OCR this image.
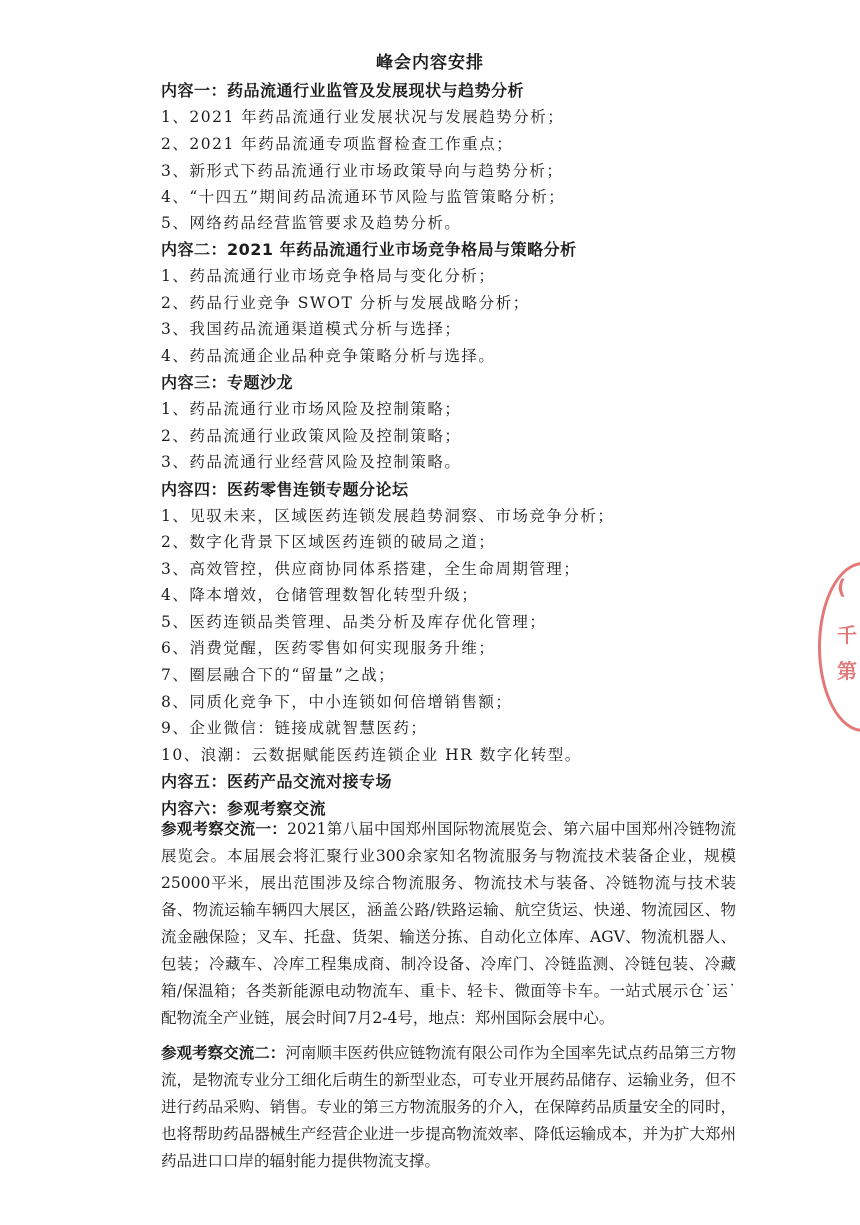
峰会内容安排
内容一：药品流通行业监管及发展现状与趋势分析
1、2021 年药品流通行业发展状况与发展趋势分析；
2、2021 年药品流通专项监督检查工作重点；
3、新形式下药品流通行业市场政策导向与趋势分析；
4、“十四五”期间药品流通环节风险与监管策略分析；
5、网络药品经营监管要求及趋势分析。
内容二：2021 年药品流通行业市场竞争格局与策略分析
1、药品流通行业市场竞争格局与变化分析；
2、药品行业竞争 SWOT 分析与发展战略分析；
3、我国药品流通渠道模式分析与选择；
4、药品流通企业品种竞争策略分析与选择。
内容三：专题沙龙
1、药品流通行业市场风险及控制策略；
2、药品流通行业政策风险及控制策略；
3、药品流通行业经营风险及控制策略。
内容四：医药零售连锁专题分论坛
1、见驭未来，区域医药连锁发展趋势洞察、市场竞争分析；
2、数字化背景下区域医药连锁的破局之道；
3、高效管控，供应商协同体系搭建，全生命周期管理；
4、降本增效，仓储管理数智化转型升级；
5、医药连锁品类管理、品类分析及库存优化管理；
6、消费觉醒，医药零售如何实现服务升维；
7、圈层融合下的“留量”之战；
8、同质化竞争下，中小连锁如何倍增销售额；
9、企业微信：链接成就智慧医药；
10、浪潮：云数据赋能医药连锁企业 HR 数字化转型。
内容五：医药产品交流对接专场
内容六：参观考察交流
参观考察交流一：2021第八届中国郑州国际物流展览会、第六届中国郑州冷链物流展览会。本届展会将汇聚行业300余家知名物流服务与物流技术装备企业，规模25000平米，展出范围涉及综合物流服务、物流技术与装备、冷链物流与技术装备、物流运输车辆四大展区，涵盖公路/铁路运输、航空货运、快递、物流园区、物流金融保险；叉车、托盘、货架、输送分拣、自动化立体库、AGV、物流机器人、包装；冷藏车、冷库工程集成商、制冷设备、冷库门、冷链监测、冷链包装、冷藏箱/保温箱；各类新能源电动物流车、重卡、轻卡、微面等卡车。一站式展示仓˙运˙配物流全产业链，展会时间7月2-4号，地点：郑州国际会展中心。
参观考察交流二：河南顺丰医药供应链物流有限公司作为全国率先试点药品第三方物流，是物流专业分工细化后萌生的新型业态，可专业开展药品储存、运输业务，但不进行药品采购、销售。专业的第三方物流服务的介入，在保障药品质量安全的同时，也将帮助药品器械生产经营企业进一步提高物流效率、降低运输成本，并为扩大郑州药品进口口岸的辐射能力提供物流支撑。
(
千
第
